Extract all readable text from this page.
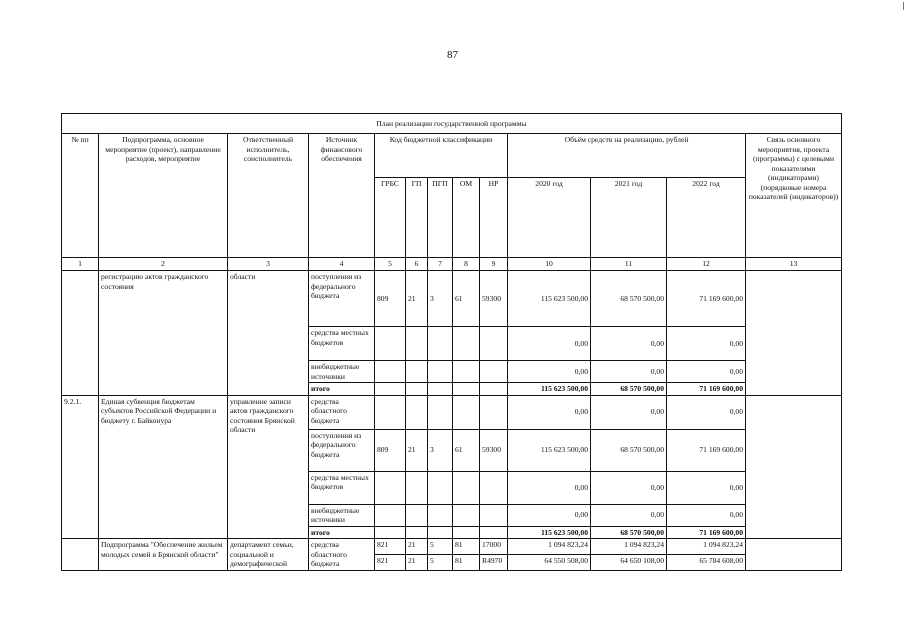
87
План реализации государственной программы												
№ пп	Подпрограмма, основное мероприятие (проект), направление расходов, мероприятие	Ответственный исполнитель, соисполнитель	Источник финансового обеспечения	Код бюджетной классификации					Объём средств на реализацию, рублей			Связь основного мероприятия, проекта (программы) с целевыми показателями (индикаторами) (порядковые номера показателей (индикаторов))
				ГРБС	ГП	ПГП	ОМ	НР	2020 год	2021 год	2022 год	
1	2	3	4	5	6	7	8	9	10	11	12	13
	регистрацию актов гражданского состояния	области	поступления из федерального бюджета	809	21	3	61	59300	115 623 500,00	68 570 500,00	71 169 600,00	
			средства местных бюджетов						0,00	0,00	0,00	
			внебюджетные источники						0,00	0,00	0,00	
			итого						115 623 500,00	68 570 500,00	71 169 600,00	
9.2.1.	Единая субвенция бюджетам субъектов Российской Федерации и бюджету г. Байконура	управление записи актов гражданского состояния Брянской области	средства областного бюджета						0,00	0,00	0,00	
			поступления из федерального бюджета	809	21	3	61	59300	115 623 500,00	68 570 500,00	71 169 600,00	
			средства местных бюджетов						0,00	0,00	0,00	
			внебюджетные источники						0,00	0,00	0,00	
			итого						115 623 500,00	68 570 500,00	71 169 600,00	
	Подпрограмма "Обеспечение жильем молодых семей в Брянской области"	департамент семьи, социальной и демографической	средства областного бюджета	821	21	5	81	17000	1 094 823,24	1 094 823,24	1 094 823,24	
				821	21	5	81	R4970	64 550 508,00	64 650 108,00	65 784 608,00	
